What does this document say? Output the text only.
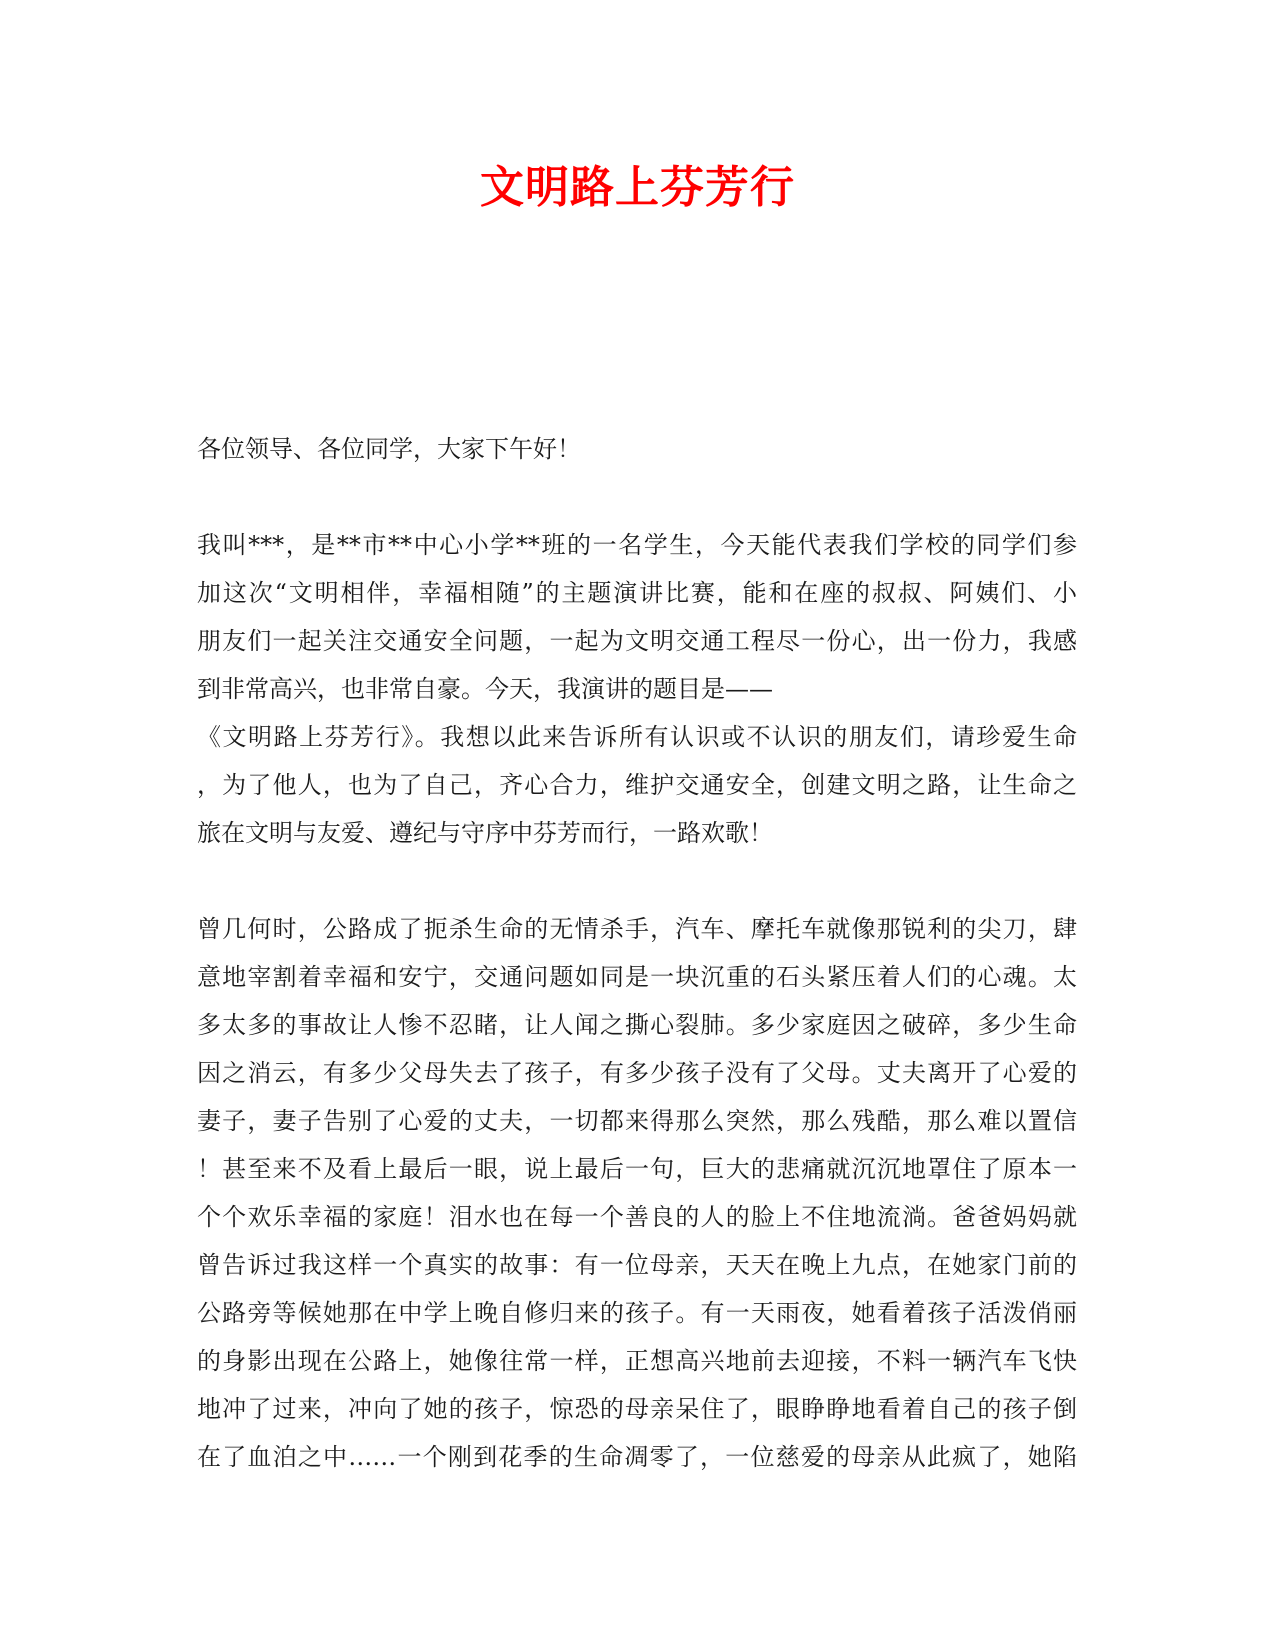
文明路上芬芳行
各位领导、各位同学，大家下午好！
我叫***，是**市**中心小学**班的一名学生，今天能代表我们学校的同学们参
加这次“文明相伴，幸福相随”的主题演讲比赛，能和在座的叔叔、阿姨们、小
朋友们一起关注交通安全问题，一起为文明交通工程尽一份心，出一份力，我感
到非常高兴，也非常自豪。今天，我演讲的题目是——
《文明路上芬芳行》。我想以此来告诉所有认识或不认识的朋友们，请珍爱生命
，为了他人，也为了自己，齐心合力，维护交通安全，创建文明之路，让生命之
旅在文明与友爱、遵纪与守序中芬芳而行，一路欢歌！
曾几何时，公路成了扼杀生命的无情杀手，汽车、摩托车就像那锐利的尖刀，肆
意地宰割着幸福和安宁，交通问题如同是一块沉重的石头紧压着人们的心魂。太
多太多的事故让人惨不忍睹，让人闻之撕心裂肺。多少家庭因之破碎，多少生命
因之消云，有多少父母失去了孩子，有多少孩子没有了父母。丈夫离开了心爱的
妻子，妻子告别了心爱的丈夫，一切都来得那么突然，那么残酷，那么难以置信
！甚至来不及看上最后一眼，说上最后一句，巨大的悲痛就沉沉地罩住了原本一
个个欢乐幸福的家庭！泪水也在每一个善良的人的脸上不住地流淌。爸爸妈妈就
曾告诉过我这样一个真实的故事：有一位母亲，天天在晚上九点，在她家门前的
公路旁等候她那在中学上晚自修归来的孩子。有一天雨夜，她看着孩子活泼俏丽
的身影出现在公路上，她像往常一样，正想高兴地前去迎接，不料一辆汽车飞快
地冲了过来，冲向了她的孩子，惊恐的母亲呆住了，眼睁睁地看着自己的孩子倒
在了血泊之中……一个刚到花季的生命凋零了，一位慈爱的母亲从此疯了，她陷
